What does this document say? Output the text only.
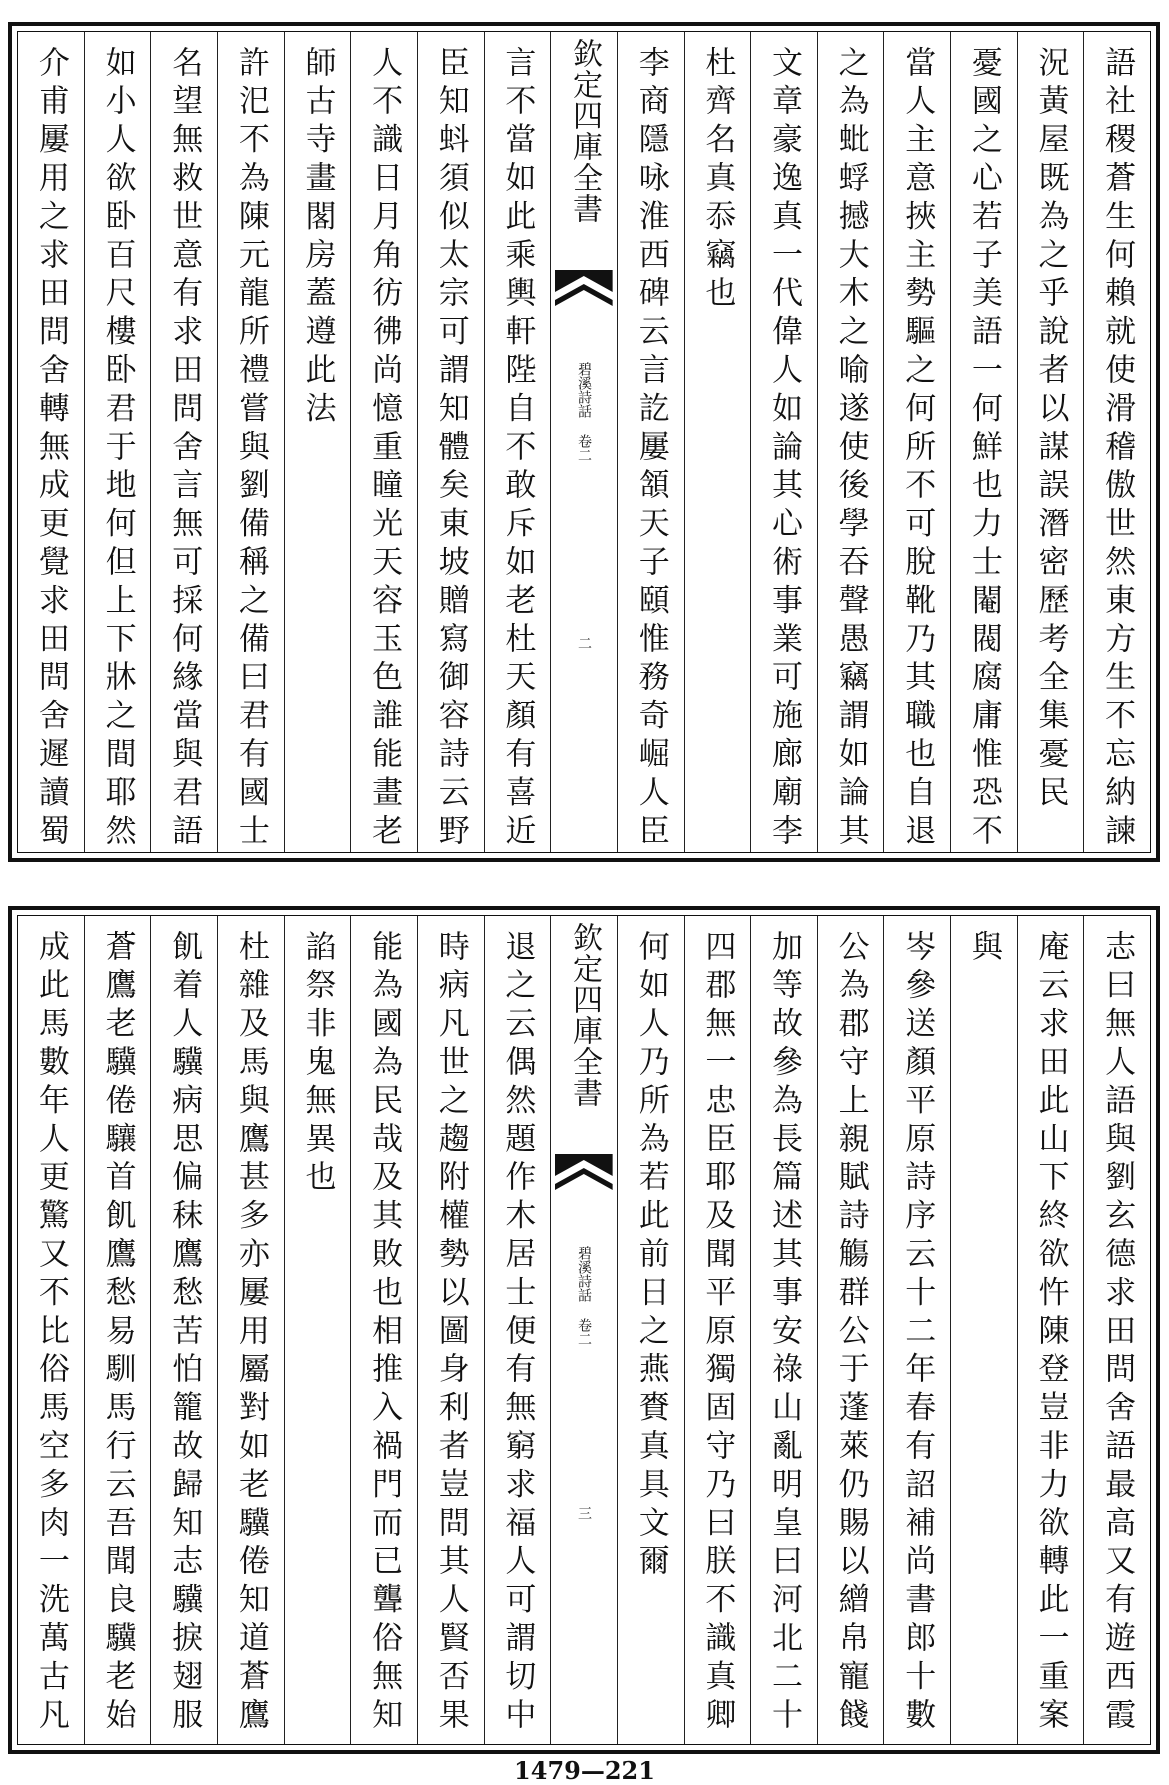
語社稷蒼生何賴就使滑稽傲世然東方生不忘納諫
況黃屋既為之乎說者以謀誤潛密歷考全集憂民
憂國之心若子美語一何鮮也力士閹閥腐庸惟恐不
當人主意挾主勢驅之何所不可脫靴乃其職也自退
之為蚍蜉撼大木之喻遂使後學吞聲愚竊謂如論其
文章豪逸真一代偉人如論其心術事業可施廊廟李
杜齊名真忝竊也
李商隱咏淮西碑云言訖屢頷天子頤惟務奇崛人臣
欽定四庫全書
碧溪詩話 卷二
二
言不當如此乘輿軒陛自不敢斥如老杜天顏有喜近
臣知蚪須似太宗可謂知體矣東坡贈寫御容詩云野
人不識日月角彷彿尚憶重瞳光天容玉色誰能畫老
師古寺畫閣房蓋遵此法
許汜不為陳元龍所禮嘗與劉備稱之備曰君有國士
名望無救世意有求田問舍言無可採何緣當與君語
如小人欲卧百尺樓卧君于地何但上下牀之間耶然
介甫屢用之求田問舍轉無成更覺求田問舍遲讀蜀
志曰無人語與劉玄德求田問舍語最高又有遊西霞
庵云求田此山下終欲忤陳登豈非力欲轉此一重案
與
岑參送顏平原詩序云十二年春有詔補尚書郎十數
公為郡守上親賦詩觴群公于蓬萊仍賜以繒帛寵餞
加等故參為長篇述其事安祿山亂明皇曰河北二十
四郡無一忠臣耶及聞平原獨固守乃曰朕不識真卿
何如人乃所為若此前日之燕賚真具文爾
欽定四庫全書
碧溪詩話 卷二
三
退之云偶然題作木居士便有無窮求福人可謂切中
時病凡世之趨附權勢以圖身利者豈問其人賢否果
能為國為民哉及其敗也相推入禍門而已聾俗無知
諂祭非鬼無異也
杜雜及馬與鷹甚多亦屢用屬對如老驥倦知道蒼鷹
飢着人驥病思偏秣鷹愁苦怕籠故歸知志驥捩翅服
蒼鷹老驥倦驤首飢鷹愁易馴馬行云吾聞良驥老始
成此馬數年人更驚又不比俗馬空多肉一洗萬古凡
1479—221
